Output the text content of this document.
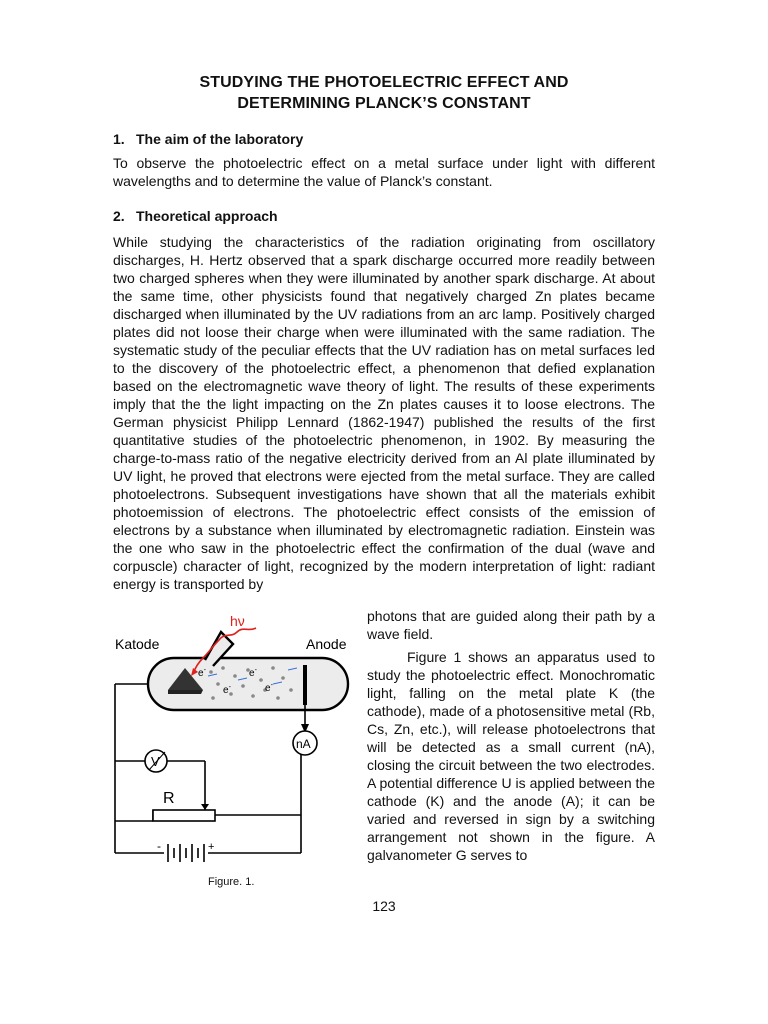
STUDYING THE PHOTOELECTRIC EFFECT AND
DETERMINING PLANCK’S CONSTANT
1. The aim of the laboratory
To observe the photoelectric effect on a metal surface under light with different wavelengths and to determine the value of Planck’s constant.
2. Theoretical approach
While studying the characteristics of the radiation originating from oscillatory discharges, H. Hertz observed that a spark discharge occurred more readily between two charged spheres when they were illuminated by another spark discharge. At about the same time, other physicists found that negatively charged Zn plates became discharged when illuminated by the UV radiations from an arc lamp. Positively charged plates did not loose their charge when were illuminated with the same radiation. The systematic study of the peculiar effects that the UV radiation has on metal surfaces led to the discovery of the photoelectric effect, a phenomenon that defied explanation based on the electromagnetic wave theory of light. The results of these experiments imply that the the light impacting on the Zn plates causes it to loose electrons. The German physicist Philipp Lennard (1862-1947) published the results of the first quantitative studies of the photoelectric phenomenon, in 1902. By measuring the charge-to-mass ratio of the negative electricity derived from an Al plate illuminated by UV light, he proved that electrons were ejected from the metal surface. They are called photoelectrons. Subsequent investigations have shown that all the materials exhibit photoemission of electrons. The photoelectric effect consists of the emission of electrons by a substance when illuminated by electromagnetic radiation. Einstein was the one who saw in the photoelectric effect the confirmation of the dual (wave and corpuscle) character of light, recognized by the modern interpretation of light: radiant energy is transported by
photons that are guided along their path by a wave field.
Figure 1 shows an apparatus used to study the photoelectric effect. Monochromatic light, falling on the metal plate K (the cathode), made of a photosensitive metal (Rb, Cs, Zn, etc.), will release photoelectrons that will be detected as a small current (nA), closing the circuit between the two electrodes. A potential difference U is applied between the cathode (K) and the anode (A); it can be varied and reversed in sign by a switching arrangement not shown in the figure. A galvanometer G serves to
e-
e-
e-
e-
hν
Katode	Anode
nA
V
R
-	+
Figure. 1.
123
